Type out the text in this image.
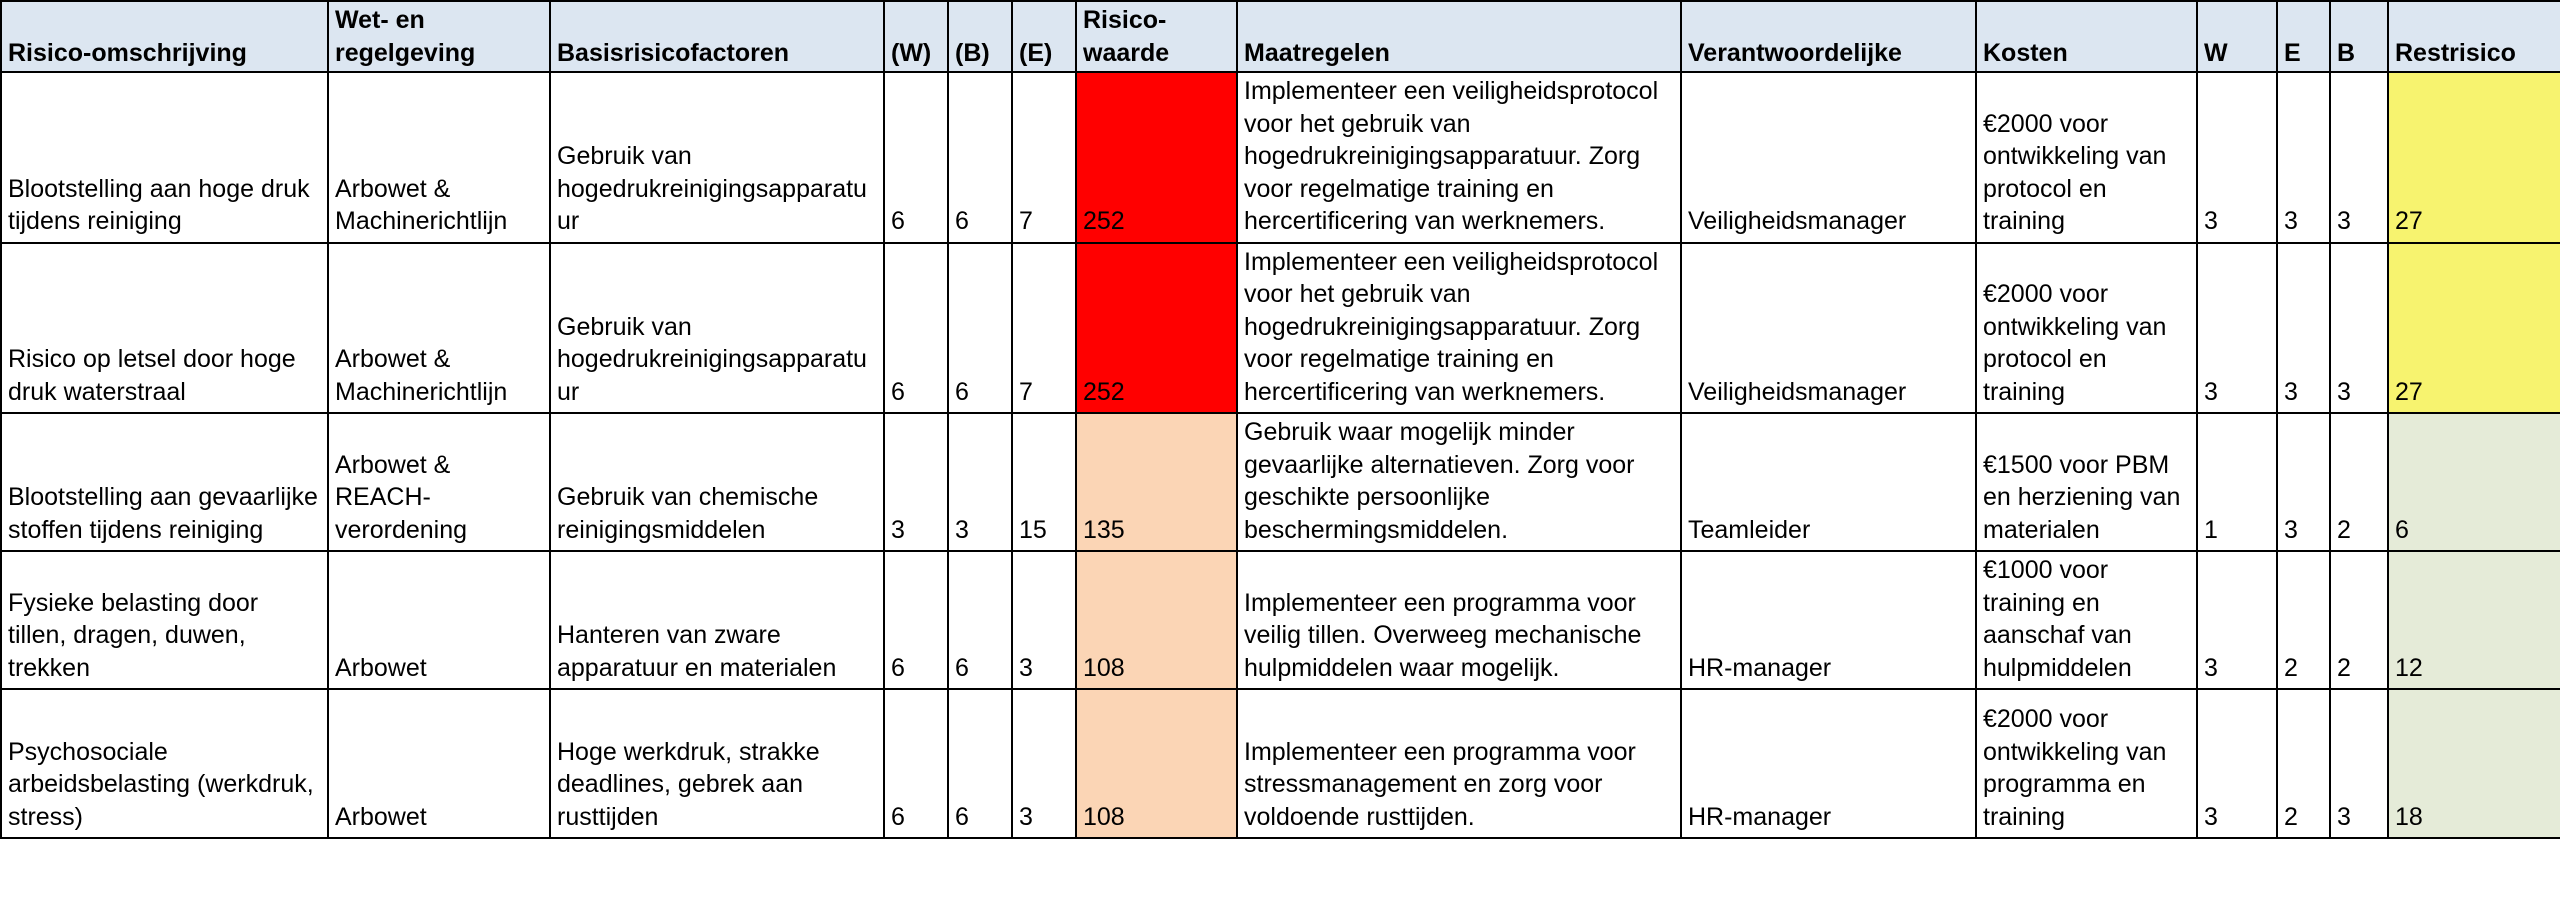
Risico-omschrijving	Wet- en regelgeving	Basisrisicofactoren	(W)	(B)	(E)	Risico-waarde	Maatregelen	Verantwoordelijke	Kosten	W	E	B	Restrisico
Blootstelling aan hoge druk tijdens reiniging	Arbowet & Machinerichtlijn	Gebruik van hogedrukreinigingsapparatuur	6	6	7	252	Implementeer een veiligheidsprotocol voor het gebruik van hogedrukreinigingsapparatuur. Zorg voor regelmatige training en hercertificering van werknemers.	Veiligheidsmanager	€2000 voor ontwikkeling van protocol en training	3	3	3	27
Risico op letsel door hoge druk waterstraal	Arbowet & Machinerichtlijn	Gebruik van hogedrukreinigingsapparatuur	6	6	7	252	Implementeer een veiligheidsprotocol voor het gebruik van hogedrukreinigingsapparatuur. Zorg voor regelmatige training en hercertificering van werknemers.	Veiligheidsmanager	€2000 voor ontwikkeling van protocol en training	3	3	3	27
Blootstelling aan gevaarlijke stoffen tijdens reiniging	Arbowet & REACH-verordening	Gebruik van chemische reinigingsmiddelen	3	3	15	135	Gebruik waar mogelijk minder gevaarlijke alternatieven. Zorg voor geschikte persoonlijke beschermingsmiddelen.	Teamleider	€1500 voor PBM en herziening van materialen	1	3	2	6
Fysieke belasting door tillen, dragen, duwen, trekken	Arbowet	Hanteren van zware apparatuur en materialen	6	6	3	108	Implementeer een programma voor veilig tillen. Overweeg mechanische hulpmiddelen waar mogelijk.	HR-manager	€1000 voor training en aanschaf van hulpmiddelen	3	2	2	12
Psychosociale arbeidsbelasting (werkdruk, stress)	Arbowet	Hoge werkdruk, strakke deadlines, gebrek aan rusttijden	6	6	3	108	Implementeer een programma voor stressmanagement en zorg voor voldoende rusttijden.	HR-manager	€2000 voor ontwikkeling van programma en training	3	2	3	18
